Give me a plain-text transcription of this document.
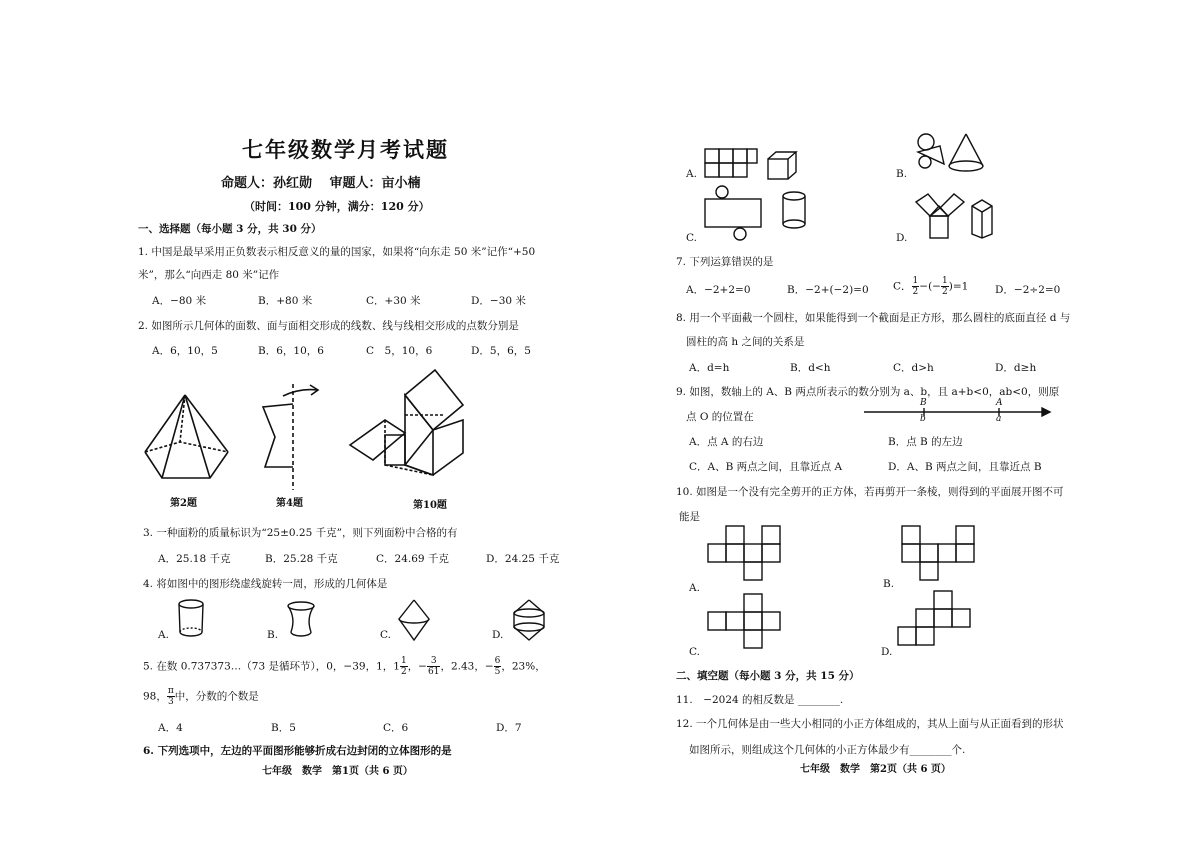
七年级数学月考试题
命题人：孙红勋　 审题人：亩小楠
（时间：100 分钟，满分：120 分）
一、选择题（每小题 3 分，共 30 分）
1. 中国是最早采用正负数表示相反意义的量的国家，如果将“向东走 50 米”记作“+50
米”，那么“向西走 80 米”记作
A．−80 米	B．+80 米	C．+30 米	D．−30 米
2. 如图所示几何体的面数、面与面相交形成的线数、线与线相交形成的点数分别是
A．6，10，5	B．6，10，6	C　5，10，6	D．5，6，5
第2题	第4题	第10题
3. 一种面粉的质量标识为“25±0.25 千克”，则下列面粉中合格的有
A．25.18 千克	B．25.28 千克	C．24.69 千克	D．24.25 千克
4. 将如图中的图形绕虚线旋转一周，形成的几何体是
A.	B.	C.	D.
5. 在数 0.737373…（73 是循环节），0，−39，1，$1 \frac{1}{2}$ ，− $\frac{3}{61}$ ，2.43，− $\frac{6}{5}$ ，23%，
98， $\frac{\pi}{3}$ 中，分数的个数是
A．4	B．5	C．6	D．7
6. 下列选项中，左边的平面图形能够折成右边封闭的立体图形的是
七年级　数学　第1页（共 6 页）
A.	B.
C.	D.
7. 下列运算错误的是
A．−2+2=0	B．−2+(−2)=0 C． $\frac{1}{2}$ −(− $\frac{1}{2} )=1$	D．−2÷2=0
8. 用一个平面截一个圆柱，如果能得到一个截面是正方形，那么圆柱的底面直径 d 与
圆柱的高 h 之间的关系是
A．d=h	B．d<h	C．d>h	D．d≥h
9. 如图，数轴上的 A、B 两点所表示的数分别为 a、b，且 a+b<0，ab<0，则原
点 O 的位置在
B
b
A
a
A．点 A 的右边	B．点 B 的左边
C．A、B 两点之间，且靠近点 A	D．A、B 两点之间，且靠近点 B
10. 如图是一个没有完全剪开的正方体，若再剪开一条棱，则得到的平面展开图不可
能是
A.	B.
C.	D.
二、填空题（每小题 3 分，共 15 分）
11.　−2024 的相反数是 ________.
12. 一个几何体是由一些大小相同的小正方体组成的，其从上面与从正面看到的形状
如图所示，则组成这个几何体的小正方体最少有________个.
七年级　数学　第2页（共 6 页）
